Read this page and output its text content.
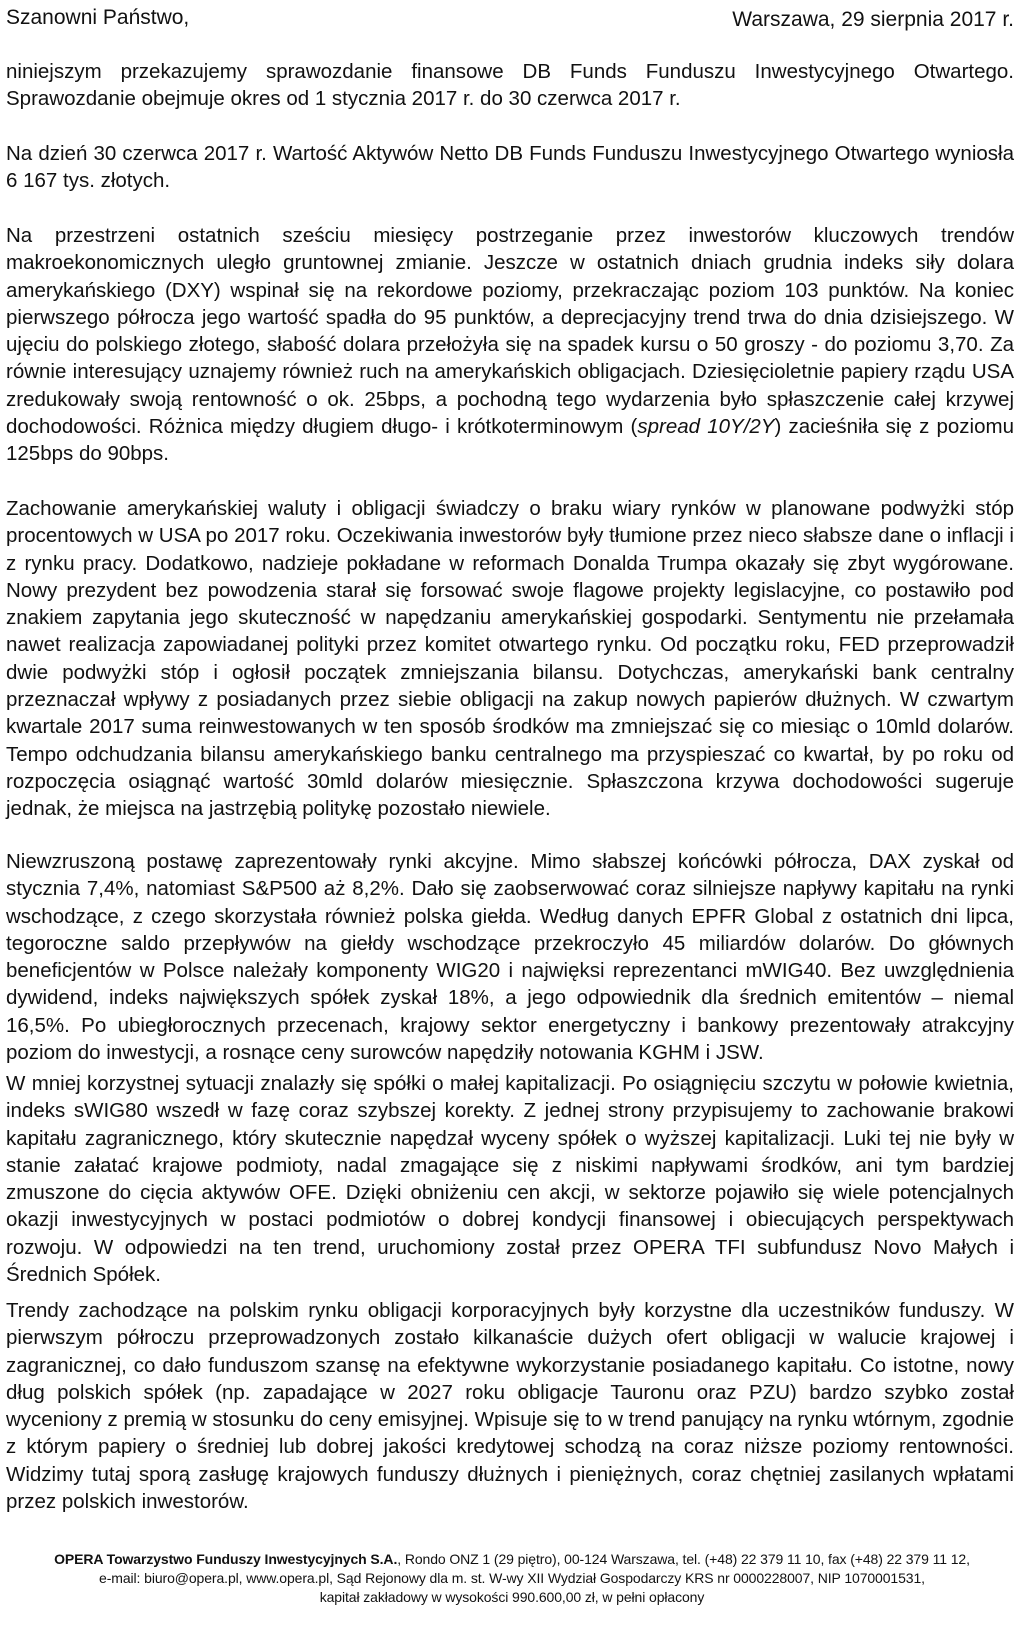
Szanowni Państwo,	Warszawa, 29 sierpnia 2017 r.

niniejszym przekazujemy sprawozdanie finansowe DB Funds Funduszu Inwestycyjnego Otwartego. Sprawozdanie obejmuje okres od 1 stycznia 2017 r. do 30 czerwca 2017 r.

Na dzień 30 czerwca 2017 r. Wartość Aktywów Netto DB Funds Funduszu Inwestycyjnego Otwartego wyniosła 6 167 tys. złotych.

Na przestrzeni ostatnich sześciu miesięcy postrzeganie przez inwestorów kluczowych trendów makroekonomicznych uległo gruntownej zmianie. Jeszcze w ostatnich dniach grudnia indeks siły dolara amerykańskiego (DXY) wspinał się na rekordowe poziomy, przekraczając poziom 103 punktów. Na koniec pierwszego półrocza jego wartość spadła do 95 punktów, a deprecjacyjny trend trwa do dnia dzisiejszego. W ujęciu do polskiego złotego, słabość dolara przełożyła się na spadek kursu o 50 groszy - do poziomu 3,70. Za równie interesujący uznajemy również ruch na amerykańskich obligacjach. Dziesięcioletnie papiery rządu USA zredukowały swoją rentowność o ok. 25bps, a pochodną tego wydarzenia było spłaszczenie całej krzywej dochodowości. Różnica między długiem długo- i krótkoterminowym (spread 10Y/2Y) zacieśniła się z poziomu 125bps do 90bps.

Zachowanie amerykańskiej waluty i obligacji świadczy o braku wiary rynków w planowane podwyżki stóp procentowych w USA po 2017 roku. Oczekiwania inwestorów były tłumione przez nieco słabsze dane o inflacji i z rynku pracy. Dodatkowo, nadzieje pokładane w reformach Donalda Trumpa okazały się zbyt wygórowane. Nowy prezydent bez powodzenia starał się forsować swoje flagowe projekty legislacyjne, co postawiło pod znakiem zapytania jego skuteczność w napędzaniu amerykańskiej gospodarki. Sentymentu nie przełamała nawet realizacja zapowiadanej polityki przez komitet otwartego rynku. Od początku roku, FED przeprowadził dwie podwyżki stóp i ogłosił początek zmniejszania bilansu. Dotychczas, amerykański bank centralny przeznaczał wpływy z posiadanych przez siebie obligacji na zakup nowych papierów dłużnych. W czwartym kwartale 2017 suma reinwestowanych w ten sposób środków ma zmniejszać się co miesiąc o 10mld dolarów. Tempo odchudzania bilansu amerykańskiego banku centralnego ma przyspieszać co kwartał, by po roku od rozpoczęcia osiągnąć wartość 30mld dolarów miesięcznie. Spłaszczona krzywa dochodowości sugeruje jednak, że miejsca na jastrzębią politykę pozostało niewiele.

Niewzruszoną postawę zaprezentowały rynki akcyjne. Mimo słabszej końcówki półrocza, DAX zyskał od stycznia 7,4%, natomiast S&P500 aż 8,2%. Dało się zaobserwować coraz silniejsze napływy kapitału na rynki wschodzące, z czego skorzystała również polska giełda. Według danych EPFR Global z ostatnich dni lipca, tegoroczne saldo przepływów na giełdy wschodzące przekroczyło 45 miliardów dolarów. Do głównych beneficjentów w Polsce należały komponenty WIG20 i najwięksi reprezentanci mWIG40. Bez uwzględnienia dywidend, indeks największych spółek zyskał 18%, a jego odpowiednik dla średnich emitentów – niemal 16,5%. Po ubiegłorocznych przecenach, krajowy sektor energetyczny i bankowy prezentowały atrakcyjny poziom do inwestycji, a rosnące ceny surowców napędziły notowania KGHM i JSW.

W mniej korzystnej sytuacji znalazły się spółki o małej kapitalizacji. Po osiągnięciu szczytu w połowie kwietnia, indeks sWIG80 wszedł w fazę coraz szybszej korekty. Z jednej strony przypisujemy to zachowanie brakowi kapitału zagranicznego, który skutecznie napędzał wyceny spółek o wyższej kapitalizacji. Luki tej nie były w stanie załatać krajowe podmioty, nadal zmagające się z niskimi napływami środków, ani tym bardziej zmuszone do cięcia aktywów OFE. Dzięki obniżeniu cen akcji, w sektorze pojawiło się wiele potencjalnych okazji inwestycyjnych w postaci podmiotów o dobrej kondycji finansowej i obiecujących perspektywach rozwoju. W odpowiedzi na ten trend, uruchomiony został przez OPERA TFI subfundusz Novo Małych i Średnich Spółek.

Trendy zachodzące na polskim rynku obligacji korporacyjnych były korzystne dla uczestników funduszy. W pierwszym półroczu przeprowadzonych zostało kilkanaście dużych ofert obligacji w walucie krajowej i zagranicznej, co dało funduszom szansę na efektywne wykorzystanie posiadanego kapitału. Co istotne, nowy dług polskich spółek (np. zapadające w 2027 roku obligacje Tauronu oraz PZU) bardzo szybko został wyceniony z premią w stosunku do ceny emisyjnej. Wpisuje się to w trend panujący na rynku wtórnym, zgodnie z którym papiery o średniej lub dobrej jakości kredytowej schodzą na coraz niższe poziomy rentowności. Widzimy tutaj sporą zasługę krajowych funduszy dłużnych i pieniężnych, coraz chętniej zasilanych wpłatami przez polskich inwestorów.

OPERA Towarzystwo Funduszy Inwestycyjnych S.A., Rondo ONZ 1 (29 piętro), 00-124 Warszawa, tel. (+48) 22 379 11 10, fax (+48) 22 379 11 12,
e-mail: biuro@opera.pl, www.opera.pl, Sąd Rejonowy dla m. st. W-wy XII Wydział Gospodarczy KRS nr 0000228007, NIP 1070001531,
kapitał zakładowy w wysokości 990.600,00 zł, w pełni opłacony
